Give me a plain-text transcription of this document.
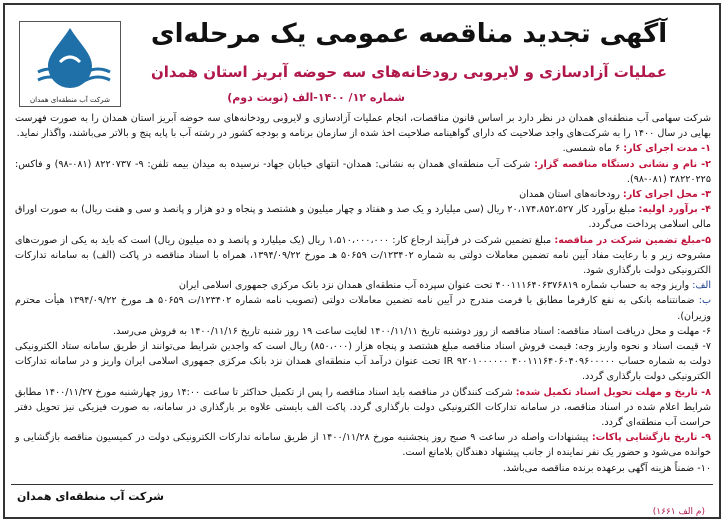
شرکت آب منطقه‌ای همدان
آگهی تجدید مناقصه عمومی یک مرحله‌ای
عملیات آزادسازی و لایروبی رودخانه‌های سه حوضه آبریز استان همدان
شماره ۱۲/ ۱۴۰۰-الف (نوبت دوم)

شرکت سهامی آب منطقه‌ای همدان در نظر دارد بر اساس قانون مناقصات، انجام عملیات آزادسازی و لایروبی رودخانه‌های سه حوضه آبریز استان همدان را به صورت فهرست بهایی در سال ۱۴۰۰ را به شرکت‌های واجد صلاحیت که دارای گواهینامه صلاحیت اخذ شده از سازمان برنامه و بودجه کشور در رشته آب با پایه پنج و بالاتر می‌باشند، واگذار نماید.

۱- مدت اجرای کار: ۶ ماه شمسی.

۲- نام و نشانی دستگاه مناقصه گزار: شرکت آب منطقه‌ای همدان به نشانی: همدان- انتهای خیابان جهاد- نرسیده به میدان بیمه تلفن: ۹- ۸۲۲۰۷۳۷ (۰۸۱-۹۸) و فاکس: ۳۸۲۲۰۲۲۵ (۰۸۱-۹۸).

۳- محل اجرای کار: رودخانه‌های استان همدان

۴- برآورد اولیه: مبلغ برآورد کار ۲۰،۱۷۴،۸۵۲،۵۲۷ ریال (سی میلیارد و یک صد و هفتاد و چهار میلیون و هشتصد و پنجاه و دو هزار و پانصد و سی و هفت ریال) به صورت اوراق مالی اسلامی پرداخت می‌گردد.

۵-مبلغ تضمین شرکت در مناقصه: مبلغ تضمین شرکت در فرآیند ارجاع کار: ۱،۵۱۰،۰۰۰،۰۰۰ ریال (یک میلیارد و پانصد و ده میلیون ریال) است که باید به یکی از صورت‌های مشروحه زیر و با رعایت مفاد آیین نامه تضمین معاملات دولتی به شماره ۱۲۳۴۰۲/ت ۵۰۶۵۹ هـ مورخ ۱۳۹۴/۰۹/۲۲، همراه با اسناد مناقصه در پاکت (الف) به سامانه تدارکات الکترونیکی دولت بارگذاری شود.

الف: واریز وجه به حساب شماره ۴۰۰۱۱۱۶۴۰۶۳۷۶۸۱۹ تحت عنوان سپرده آب منطقه‌ای همدان نزد بانک مرکزی جمهوری اسلامی ایران

ب: ضمانتنامه بانکی به نفع کارفرما مطابق با فرمت مندرج در آیین نامه تضمین معاملات دولتی (تصویب نامه شماره ۱۲۳۴۰۲/ت ۵۰۶۵۹ هـ مورخ ۱۳۹۴/۰۹/۲۲ هیأت محترم وزیران).

۶- مهلت و محل دریافت اسناد مناقصه: اسناد مناقصه از روز دوشنبه تاریخ ۱۴۰۰/۱۱/۱۱ لغایت ساعت ۱۹ روز شنبه تاریخ ۱۴۰۰/۱۱/۱۶ به فروش می‌رسد.

۷- قیمت اسناد و نحوه واریز وجه: قیمت فروش اسناد مناقصه مبلغ هشتصد و پنجاه هزار (۸۵۰،۰۰۰) ریال است که واجدین شرایط می‌توانند از طریق سامانه ستاد الکترونیکی دولت به شماره حساب ۴۰۰۱۱۱۶۴۰۶۰۴۰۹۶۰۰۰۰۰ IR ۹۲۰۱۰۰۰۰۰۰ تحت عنوان درآمد آب منطقه‌ای همدان نزد بانک مرکزی جمهوری اسلامی ایران واریز و در سامانه تدارکات الکترونیکی دولت بارگذاری گردد.

۸- تاریخ و مهلت تحویل اسناد تکمیل شده: شرکت کنندگان در مناقصه باید اسناد مناقصه را پس از تکمیل حداکثر تا ساعت ۱۴:۰۰ روز چهارشنبه مورخ ۱۴۰۰/۱۱/۲۷ مطابق شرایط اعلام شده در اسناد مناقصه، در سامانه تدارکات الکترونیکی دولت بارگذاری گردد. پاکت الف بایستی علاوه بر بارگذاری در سامانه، به صورت فیزیکی نیز تحویل دفتر حراست آب منطقه‌ای گردد.

۹- تاریخ بازگشایی پاکات: پیشنهادات واصله در ساعت ۹ صبح روز پنجشنبه مورخ ۱۴۰۰/۱۱/۲۸ از طریق سامانه تدارکات الکترونیکی دولت در کمیسیون مناقصه بازگشایی و خوانده می‌شود و حضور یک نفر نماینده از جانب پیشنهاد دهندگان بلامانع است.

۱۰- ضمناً هزینه آگهی برعهده برنده مناقصه می‌باشد.

شرکت آب منطقه‌ای همدان
(م الف ۱۶۶۱)
